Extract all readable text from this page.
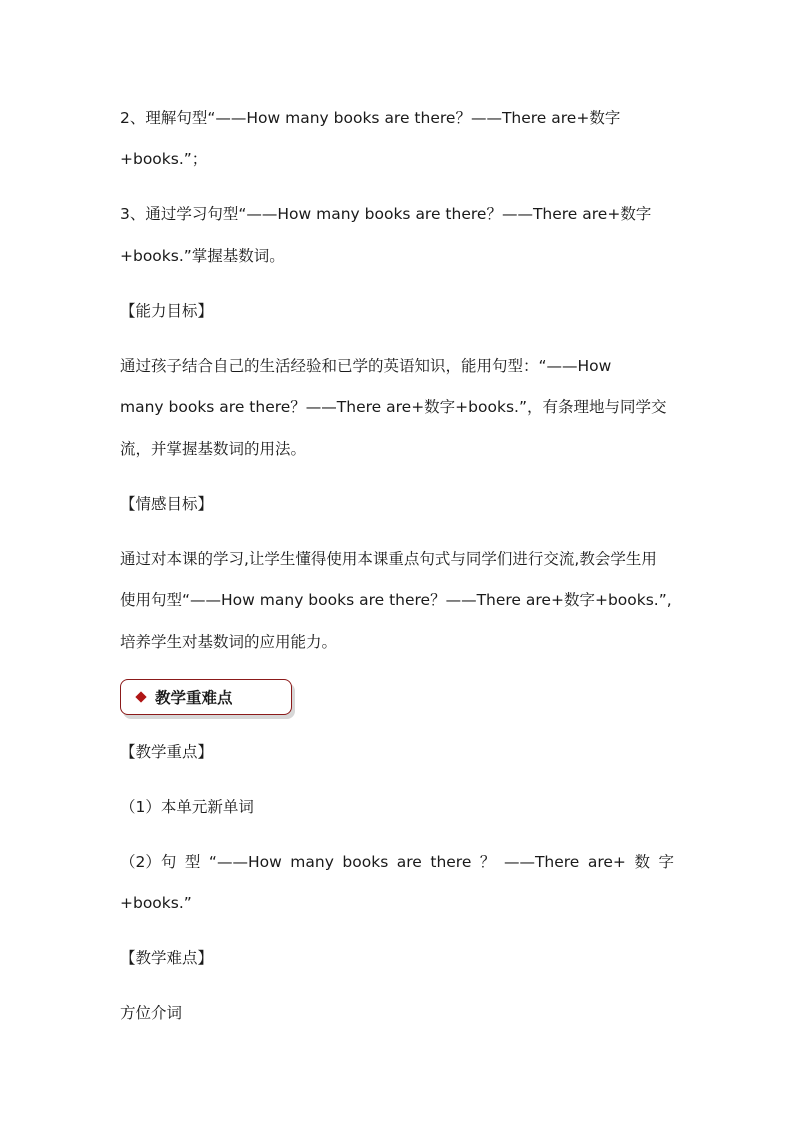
2、理解句型“——How many books are there？——There are+数字
+books.”；
3、通过学习句型“——How many books are there？——There are+数字
+books.”掌握基数词。
【能力目标】
通过孩子结合自己的生活经验和已学的英语知识，能用句型：“——How
many books are there？——There are+数字+books.”，有条理地与同学交
流，并掌握基数词的用法。
【情感目标】
通过对本课的学习,让学生懂得使用本课重点句式与同学们进行交流,教会学生用
使用句型“——How many books are there？——There are+数字+books.”,
培养学生对基数词的应用能力。
教学重难点
【教学重点】
（1）本单元新单词
（2）句 型 “——How many books are there ？ ——There are+ 数 字
+books.”
【教学难点】
方位介词
